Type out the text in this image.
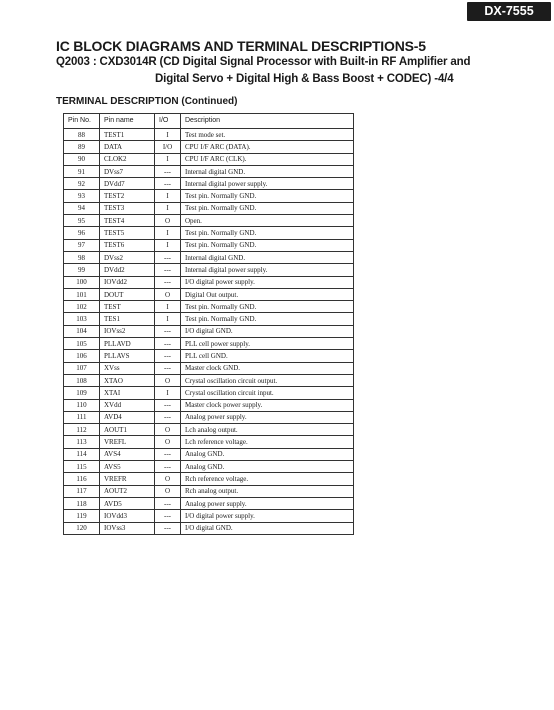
DX-7555
IC BLOCK DIAGRAMS AND TERMINAL DESCRIPTIONS-5
Q2003 : CXD3014R (CD Digital Signal Processor with Built-in RF Amplifier and
Digital Servo + Digital High & Bass Boost + CODEC) -4/4
TERMINAL DESCRIPTION (Continued)
Pin No.	Pin name	I/O	Description
88	TEST1	I	Test mode set.
89	DATA	I/O	CPU I/F ARC (DATA).
90	CLOK2	I	CPU I/F ARC (CLK).
91	DVss7	---	Internal digital GND.
92	DVdd7	---	Internal digital power supply.
93	TEST2	I	Test pin. Normally GND.
94	TEST3	I	Test pin. Normally GND.
95	TEST4	O	Open.
96	TEST5	I	Test pin. Normally GND.
97	TEST6	I	Test pin. Normally GND.
98	DVss2	---	Internal digital GND.
99	DVdd2	---	Internal digital power supply.
100	IOVdd2	---	I/O digital power supply.
101	DOUT	O	Digital Out output.
102	TEST	I	Test pin. Normally GND.
103	TES1	I	Test pin. Normally GND.
104	IOVss2	---	I/O digital GND.
105	PLLAVD	---	PLL cell power supply.
106	PLLAVS	---	PLL cell GND.
107	XVss	---	Master clock GND.
108	XTAO	O	Crystal oscillation circuit output.
109	XTAI	I	Crystal oscillation circuit input.
110	XVdd	---	Master clock power supply.
111	AVD4	---	Analog power supply.
112	AOUT1	O	Lch analog output.
113	VREFL	O	Lch reference voltage.
114	AVS4	---	Analog GND.
115	AVS5	---	Analog GND.
116	VREFR	O	Rch reference voltage.
117	AOUT2	O	Rch analog output.
118	AVD5	---	Analog power supply.
119	IOVdd3	---	I/O digital power supply.
120	IOVss3	---	I/O digital GND.
